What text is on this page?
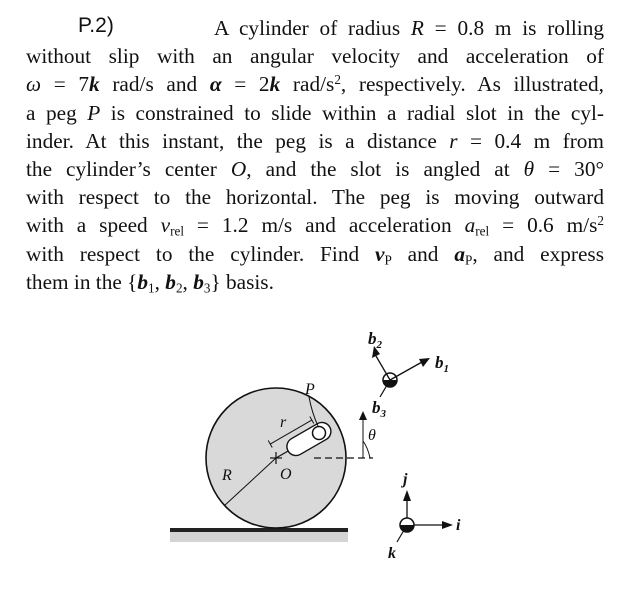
P.2)	A cylinder of radius R = 0.8 m is rolling
without slip with an angular velocity and acceleration of
ω = 7k rad/s and α = 2k rad/$s^2$, respectively. As illustrated,
a peg P is constrained to slide within a radial slot in the cyl-
inder. At this instant, the peg is a distance r = 0.4 m from
the cylinder’s center O, and the slot is angled at θ = 30°
with respect to the horizontal. The peg is moving outward
with a speed $v_{rel} = 1.2$ m/s and acceleration $a_{rel} = 0.6$ $m/s^2$
with respect to the cylinder. Find $v_P$ and $a_P$, and express
them in the {$b_1$, $b_2$, $b_3$} basis.
$b_2$
$b_1$
$b_3$
P
r
θ
R	O	j
i
k
